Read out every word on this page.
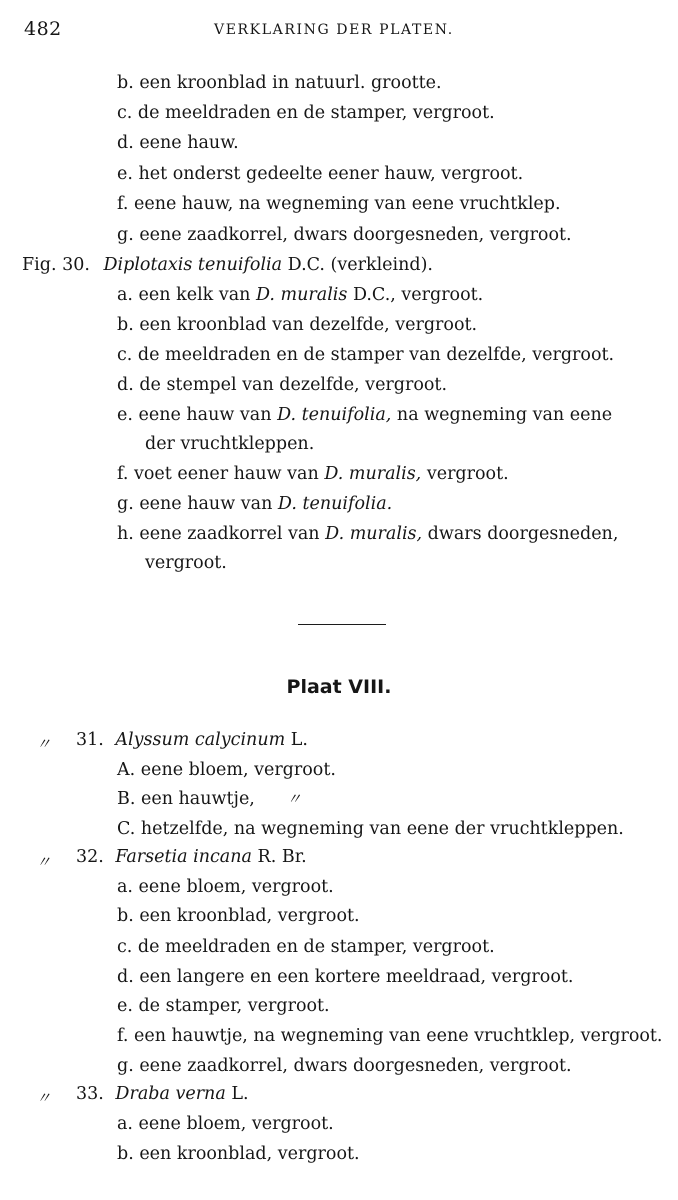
482	VERKLARING DER PLATEN.
b. een kroonblad in natuurl. grootte.
c. de meeldraden en de stamper, vergroot.
d. eene hauw.
e. het onderst gedeelte eener hauw, vergroot.
f. eene hauw, na wegneming van eene vruchtklep.
g. eene zaadkorrel, dwars doorgesneden, vergroot.
Fig. 30. Diplotaxis tenuifolia D.C. (verkleind).
a. een kelk van D. muralis D.C., vergroot.
b. een kroonblad van dezelfde, vergroot.
c. de meeldraden en de stamper van dezelfde, vergroot.
d. de stempel van dezelfde, vergroot.
e. eene hauw van D. tenuifolia, na wegneming van eene
der vruchtkleppen.
f. voet eener hauw van D. muralis, vergroot.
g. eene hauw van D. tenuifolia.
h. eene zaadkorrel van D. muralis, dwars doorgesneden,
vergroot.
Plaat VIII.
〃 31. Alyssum calycinum L.
A. eene bloem, vergroot.
B. een hauwtje, 〃
C. hetzelfde, na wegneming van eene der vruchtkleppen.
〃 32. Farsetia incana R. Br.
a. eene bloem, vergroot.
b. een kroonblad, vergroot.
c. de meeldraden en de stamper, vergroot.
d. een langere en een kortere meeldraad, vergroot.
e. de stamper, vergroot.
f. een hauwtje, na wegneming van eene vruchtklep, vergroot.
g. eene zaadkorrel, dwars doorgesneden, vergroot.
〃 33. Draba verna L.
a. eene bloem, vergroot.
b. een kroonblad, vergroot.
